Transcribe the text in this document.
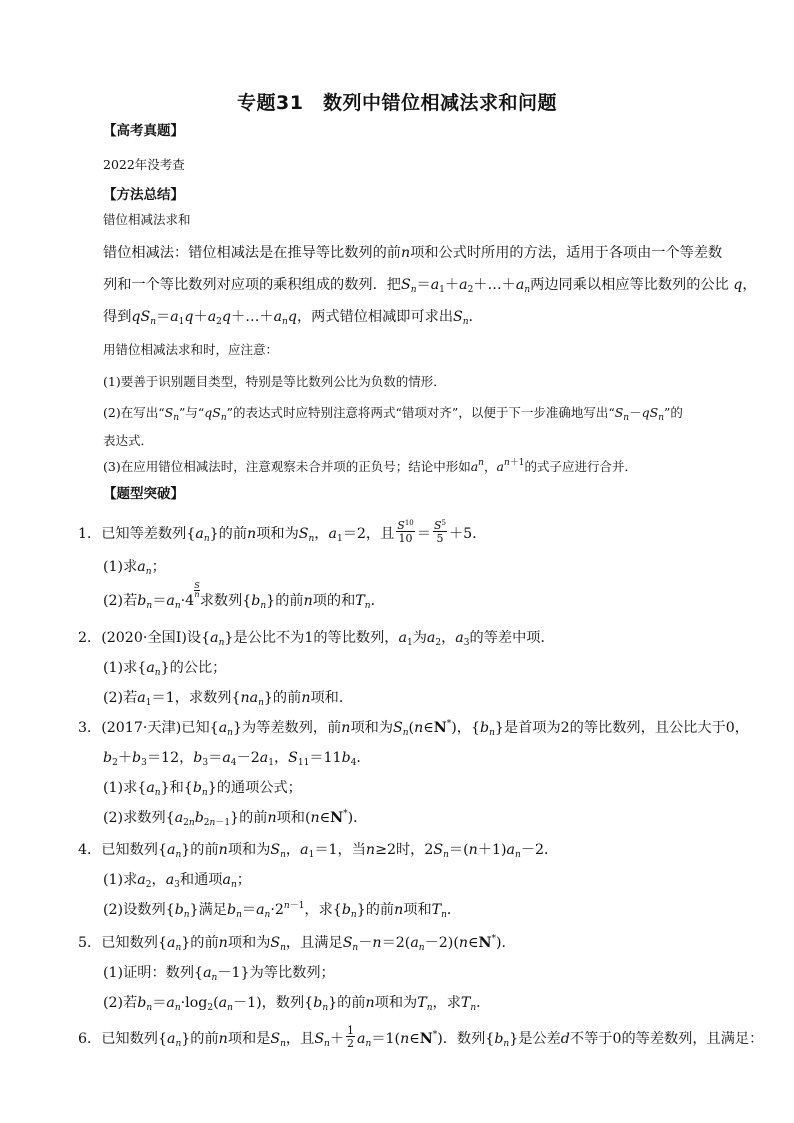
专题31　数列中错位相减法求和问题
【高考真题】
2022年没考查
【方法总结】
错位相减法求和
错位相减法：错位相减法是在推导等比数列的前n项和公式时所用的方法，适用于各项由一个等差数
列和一个等比数列对应项的乘积组成的数列．把$S_n=a_1+a_2+\dots+a_n$两边同乘以相应等比数列的公比 q，
得到$qS_n=a_1q+a_2q+\dots+a_nq$，两式错位相减即可求出$S_n$．
用错位相减法求和时，应注意：
(1)要善于识别题目类型，特别是等比数列公比为负数的情形．
(2)在写出“$S_n$”与“$qS_n$”的表达式时应特别注意将两式“错项对齐”，以便于下一步准确地写出“$S_n-qS_n$”的
表达式．
(3)在应用错位相减法时，注意观察未合并项的正负号；结论中形如$a^n$，$a^{n+1}$的式子应进行合并．
【题型突破】
1．已知等差数列$\{a_n\}$的前n项和为$S_n$，$a_1=2$，且 $\frac{S^{10}}{10} = \frac{S^5}{5} +5$．
(1)求$a_n$；
(2)若$b_n=a_n\cdot 4$
$\frac{S}{n}$
求数列$\{b_n\}$的前n项的和$T_n$．
2．(2020·全国Ⅰ)设$\{a_n\}$是公比不为1的等比数列，$a_1$为$a_2$，$a_3$的等差中项．
(1)求$\{a_n\}$的公比；
(2)若$a_1=1$，求数列$\{na_n\}$的前n项和．
3．(2017·天津)已知$\{a_n\}$为等差数列，前n项和为$S_n(n\in N^*)$，$\{b_n\}$是首项为2的等比数列，且公比大于0，
$b_2+b_3=12$，$b_3=a_4-2a_1$，$S_{11}=11b_4$．
(1)求$\{a_n\}$和$\{b_n\}$的通项公式；
(2)求数列$\{a_{2n}b_{2n-1}\}$的前n项和(n∈N*)．
4．已知数列$\{a_n\}$的前n项和为$S_n$，$a_1=1$，当n≥2时，$2S_n=(n+1)a_n-2$．
(1)求$a_2$，$a_3$和通项$a_n$；
(2)设数列$\{b_n\}$满足$b_n=a_n\cdot 2^{n-1}$，求$\{b_n\}$的前n项和$T_n$．
5．已知数列$\{a_n\}$的前n项和为$S_n$，且满足$S_n-n=2(a_n-2)(n\in N^*)$．
(1)证明：数列$\{a_n-1\}$为等比数列；
(2)若$b_n=a_n\cdot\log_2(a_n-1)$，数列$\{b_n\}$的前n项和为$T_n$，求$T_n$．
6．已知数列$\{a_n\}$的前n项和是$S_n$，且$S_n+ \frac{1}{2}$ $a_n=1(n\in N^*)$．数列$\{b_n\}$是公差d不等于0的等差数列，且满足：
